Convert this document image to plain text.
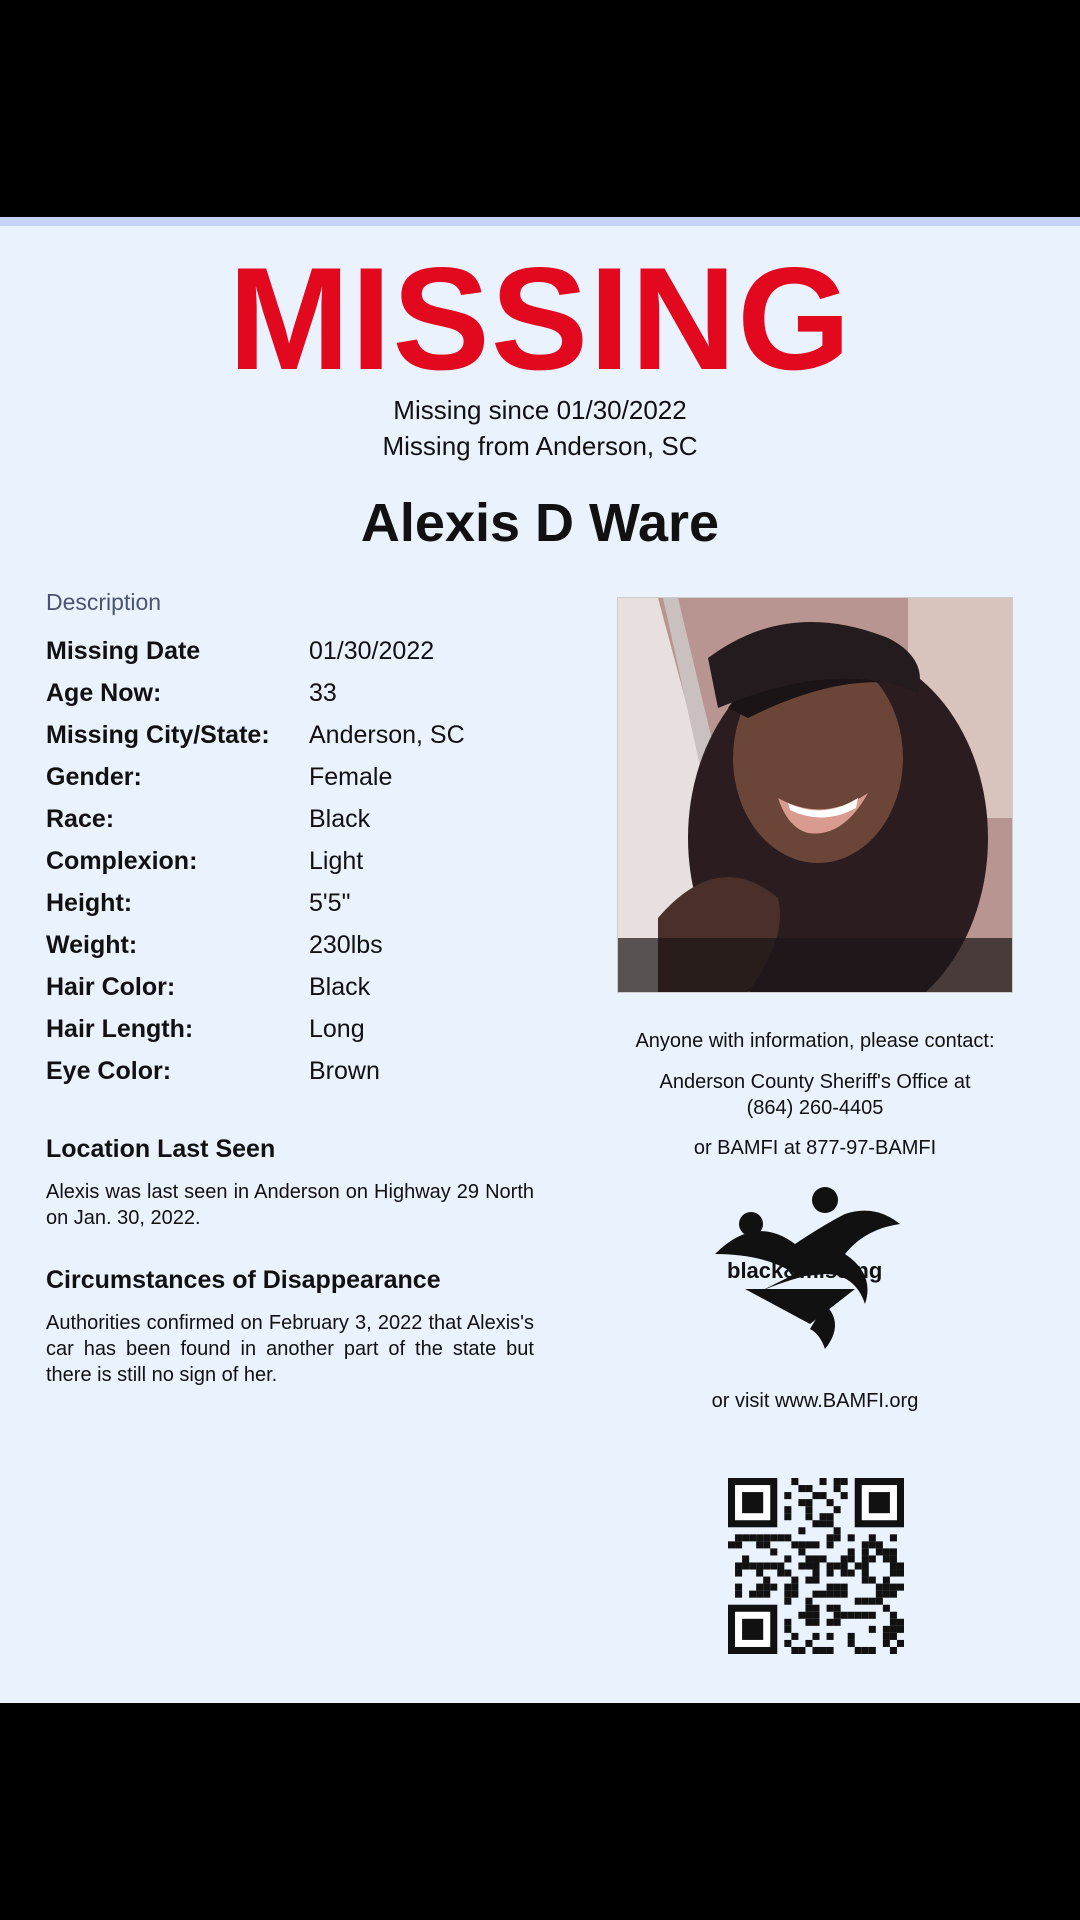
MISSING
Missing since 01/30/2022
Missing from Anderson, SC
Alexis D Ware
Description
Missing Date	01/30/2022
Age Now:	33
Missing City/State: Anderson, SC
Gender:	Female
Race:	Black
Complexion:	Light
Height:	5'5"
Weight:	230lbs
Hair Color:	Black
Hair Length:	Long
Eye Color:	Brown
Location Last Seen
Alexis was last seen in Anderson on Highway 29 North on Jan. 30, 2022.
Circumstances of Disappearance
Authorities confirmed on February 3, 2022 that Alexis's car has been found in another part of the state but there is still no sign of her.
Anyone with information, please contact:
Anderson County Sheriff's Office at
(864) 260-4405
or BAMFI at 877-97-BAMFI
black&missing
or visit www.BAMFI.org
